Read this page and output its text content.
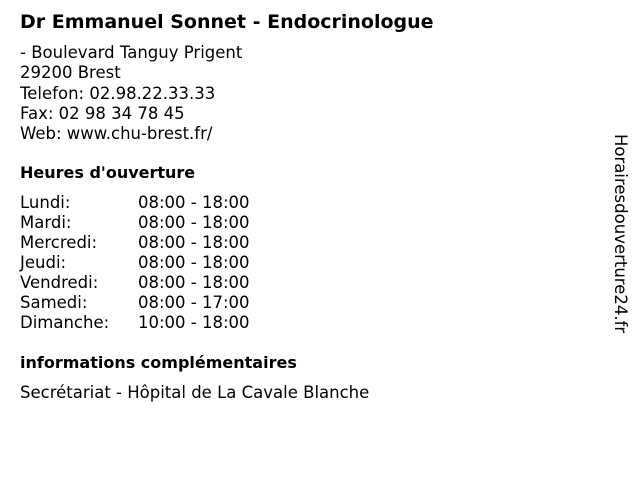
Dr Emmanuel Sonnet - Endocrinologue
- Boulevard Tanguy Prigent
29200 Brest
Telefon: 02.98.22.33.33
Fax: 02 98 34 78 45
Web: www.chu-brest.fr/
Heures d'ouverture
Lundi:	08:00 - 18:00
Mardi:	08:00 - 18:00
Mercredi: 08:00 - 18:00
Jeudi:	08:00 - 18:00
Vendredi: 08:00 - 18:00
Samedi:	08:00 - 17:00
Dimanche: 10:00 - 18:00
informations complémentaires
Secrétariat - Hôpital de La Cavale Blanche
Horairesdouverture24.fr
